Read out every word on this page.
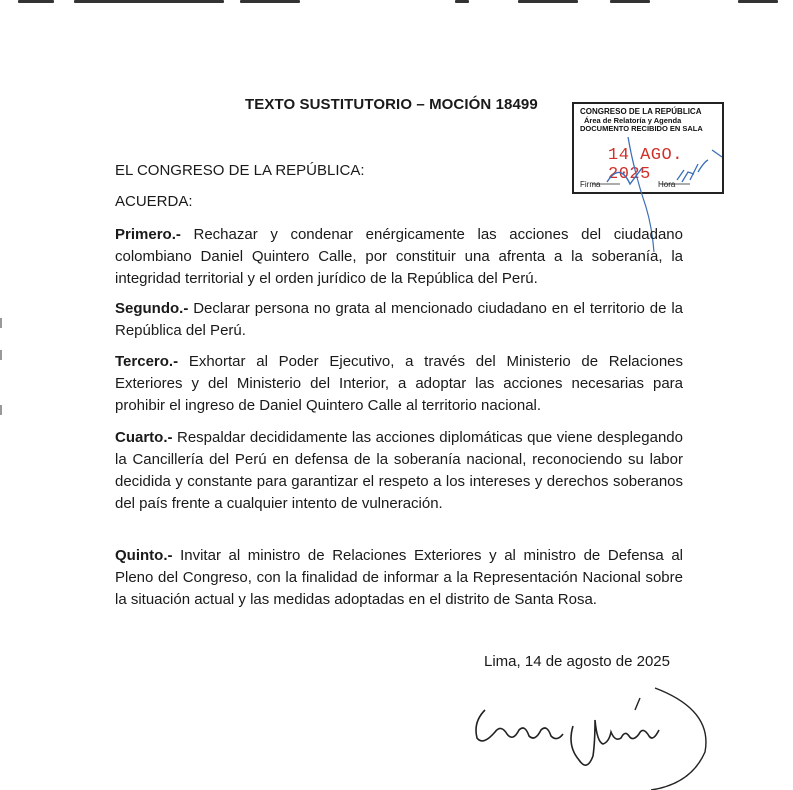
TEXTO SUSTITUTORIO – MOCIÓN 18499	CONGRESO DE LA REPÚBLICA
Área de Relatoría y Agenda
DOCUMENTO RECIBIDO EN SALA
14 AGO. 2025
Firma	Hora

EL CONGRESO DE LA REPÚBLICA:

ACUERDA:

Primero.- Rechazar y condenar enérgicamente las acciones del ciudadano colombiano Daniel Quintero Calle, por constituir una afrenta a la soberanía, la integridad territorial y el orden jurídico de la República del Perú.

Segundo.- Declarar persona no grata al mencionado ciudadano en el territorio de la República del Perú.

Tercero.- Exhortar al Poder Ejecutivo, a través del Ministerio de Relaciones Exteriores y del Ministerio del Interior, a adoptar las acciones necesarias para prohibir el ingreso de Daniel Quintero Calle al territorio nacional.

Cuarto.- Respaldar decididamente las acciones diplomáticas que viene desplegando la Cancillería del Perú en defensa de la soberanía nacional, reconociendo su labor decidida y constante para garantizar el respeto a los intereses y derechos soberanos del país frente a cualquier intento de vulneración.

Quinto.- Invitar al ministro de Relaciones Exteriores y al ministro de Defensa al Pleno del Congreso, con la finalidad de informar a la Representación Nacional sobre la situación actual y las medidas adoptadas en el distrito de Santa Rosa.

Lima, 14 de agosto de 2025
